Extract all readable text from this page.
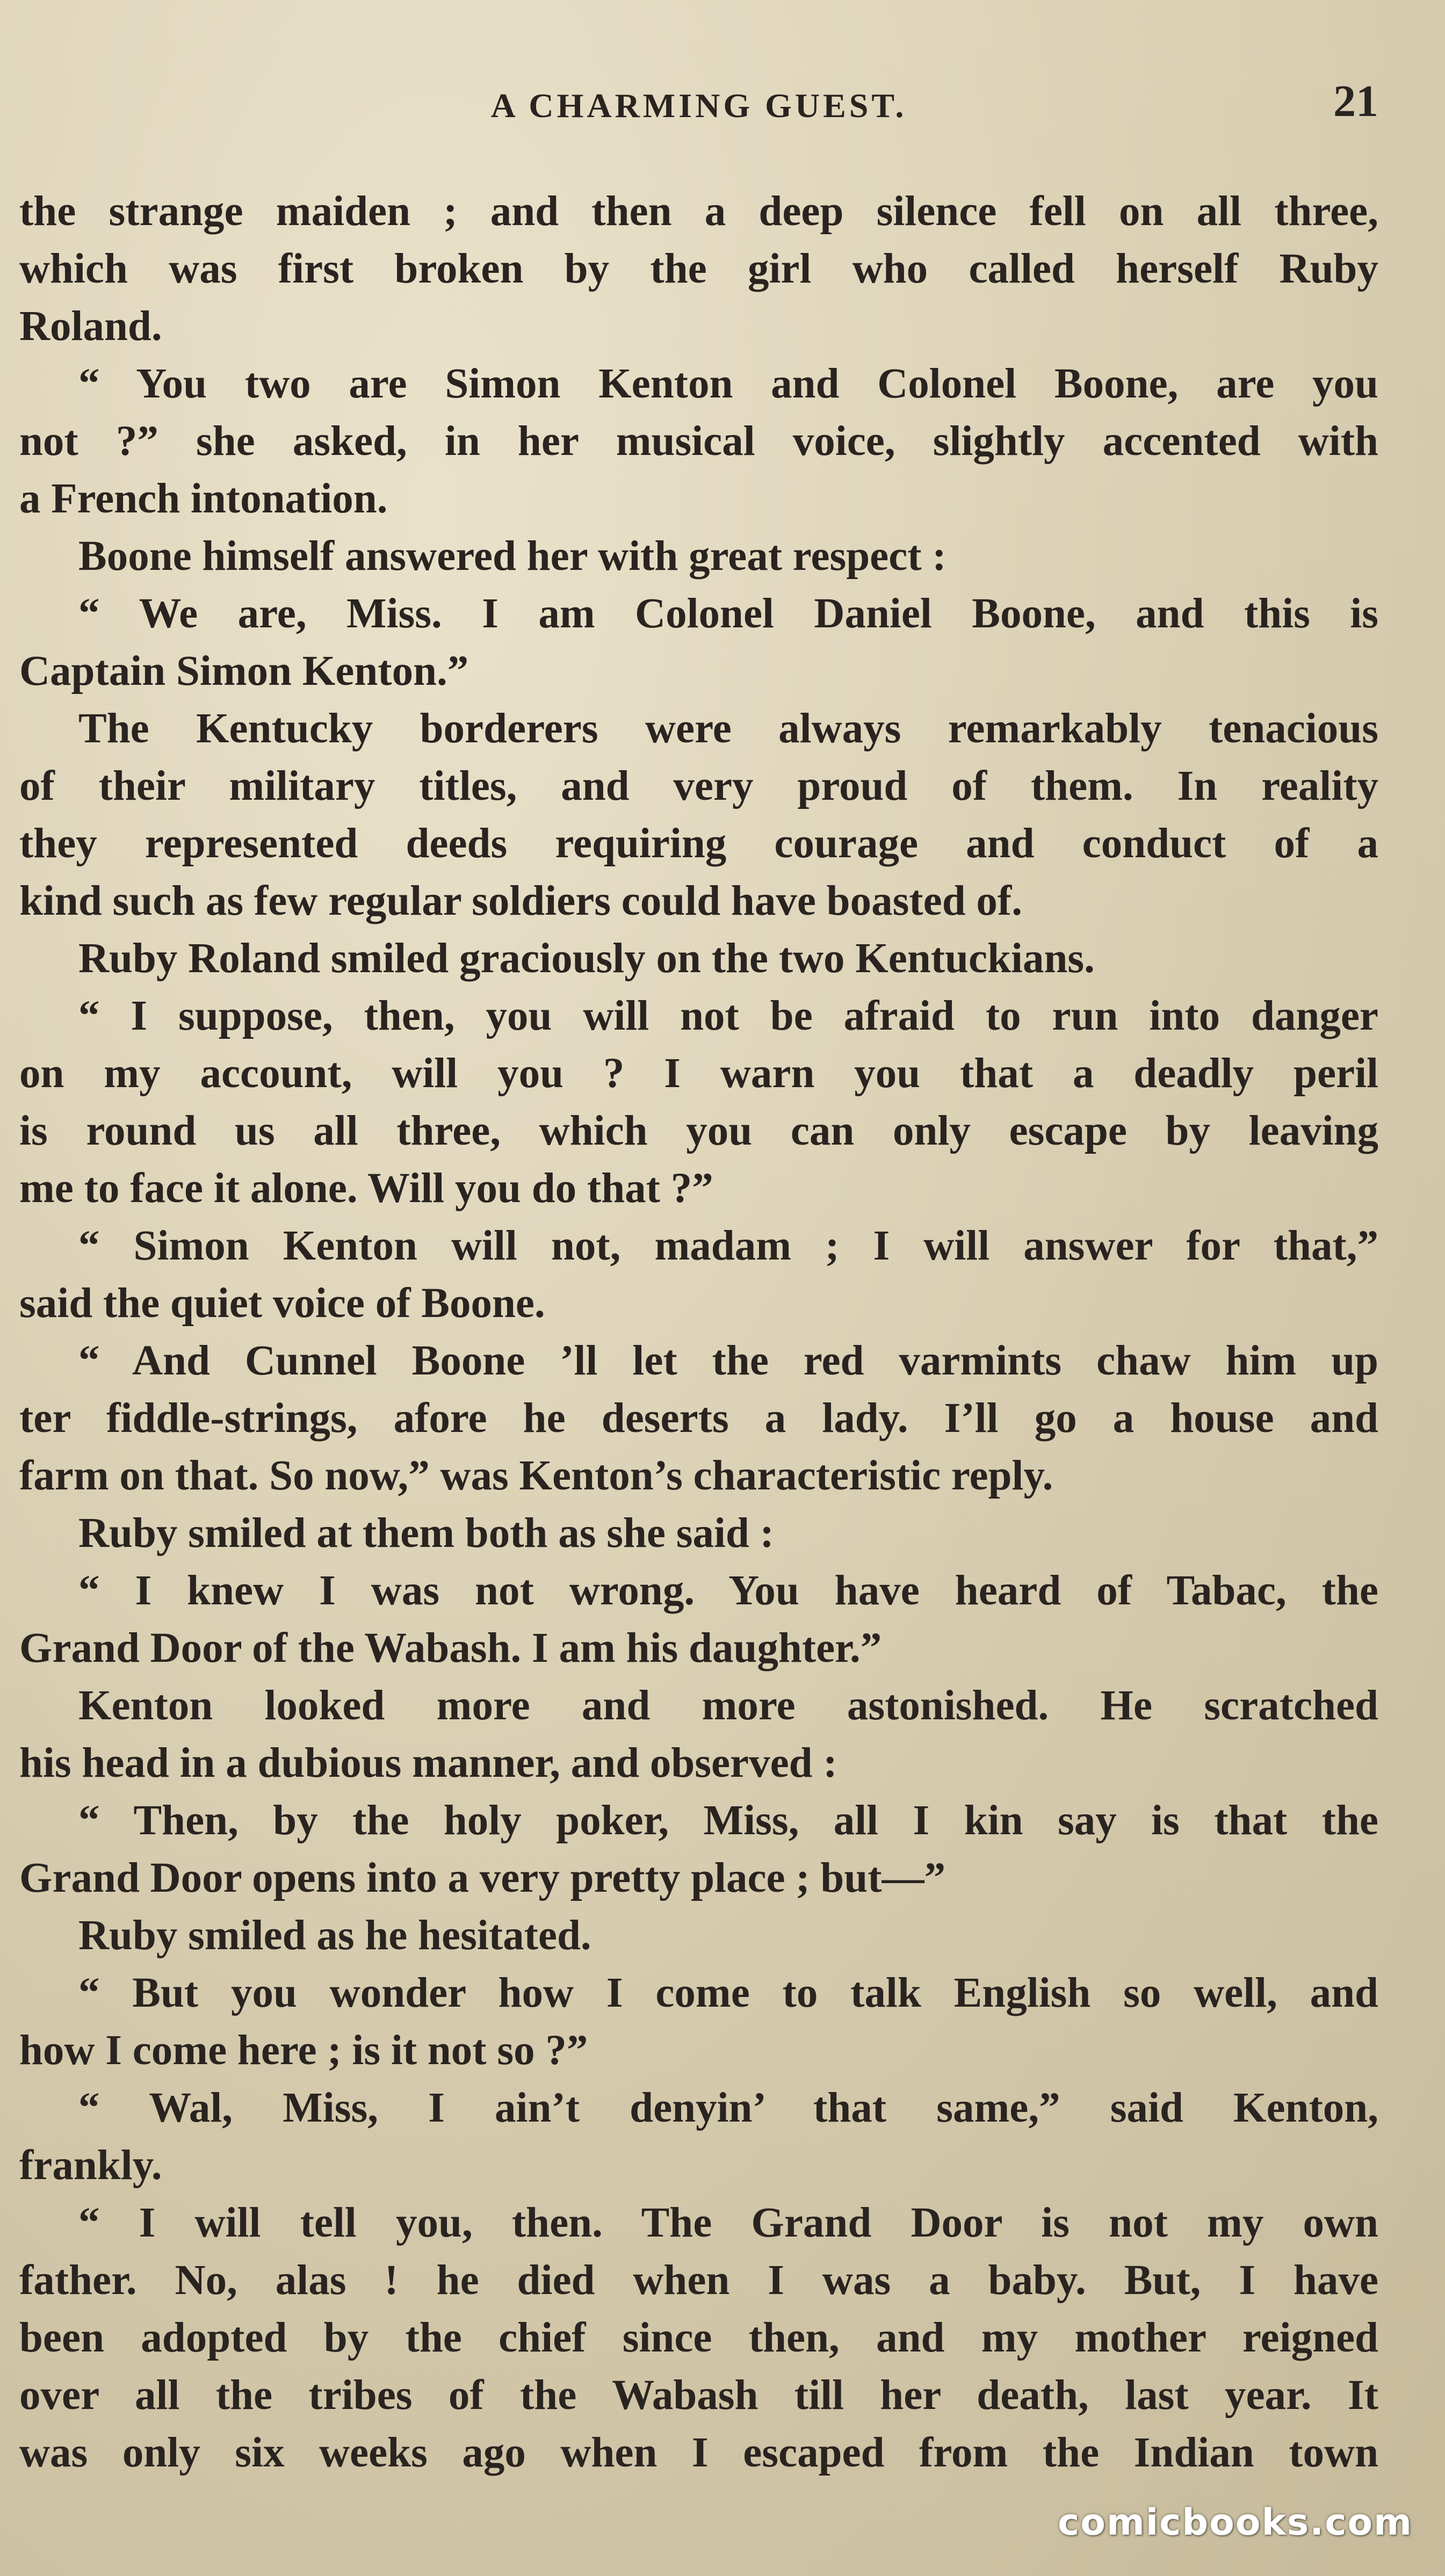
A CHARMING GUEST.	21
the strange maiden ; and then a deep silence fell on all three,
which was first broken by the girl who called herself Ruby
Roland.
“ You two are Simon Kenton and Colonel Boone, are you
not ?” she asked, in her musical voice, slightly accented with
a French intonation.
Boone himself answered her with great respect :
“ We are, Miss. I am Colonel Daniel Boone, and this is
Captain Simon Kenton.”
The Kentucky borderers were always remarkably tenacious
of their military titles, and very proud of them. In reality
they represented deeds requiring courage and conduct of a
kind such as few regular soldiers could have boasted of.
Ruby Roland smiled graciously on the two Kentuckians.
“ I suppose, then, you will not be afraid to run into danger
on my account, will you ? I warn you that a deadly peril
is round us all three, which you can only escape by leaving
me to face it alone. Will you do that ?”
“ Simon Kenton will not, madam ; I will answer for that,”
said the quiet voice of Boone.
“ And Cunnel Boone ’ll let the red varmints chaw him up
ter fiddle-strings, afore he deserts a lady. I’ll go a house and
farm on that. So now,” was Kenton’s characteristic reply.
Ruby smiled at them both as she said :
“ I knew I was not wrong. You have heard of Tabac, the
Grand Door of the Wabash. I am his daughter.”
Kenton looked more and more astonished. He scratched
his head in a dubious manner, and observed :
“ Then, by the holy poker, Miss, all I kin say is that the
Grand Door opens into a very pretty place ; but—”
Ruby smiled as he hesitated.
“ But you wonder how I come to talk English so well, and
how I come here ; is it not so ?”
“ Wal, Miss, I ain’t denyin’ that same,” said Kenton,
frankly.
“ I will tell you, then. The Grand Door is not my own
father. No, alas ! he died when I was a baby. But, I have
been adopted by the chief since then, and my mother reigned
over all the tribes of the Wabash till her death, last year. It
was only six weeks ago when I escaped from the Indian town
comicbooks.com
